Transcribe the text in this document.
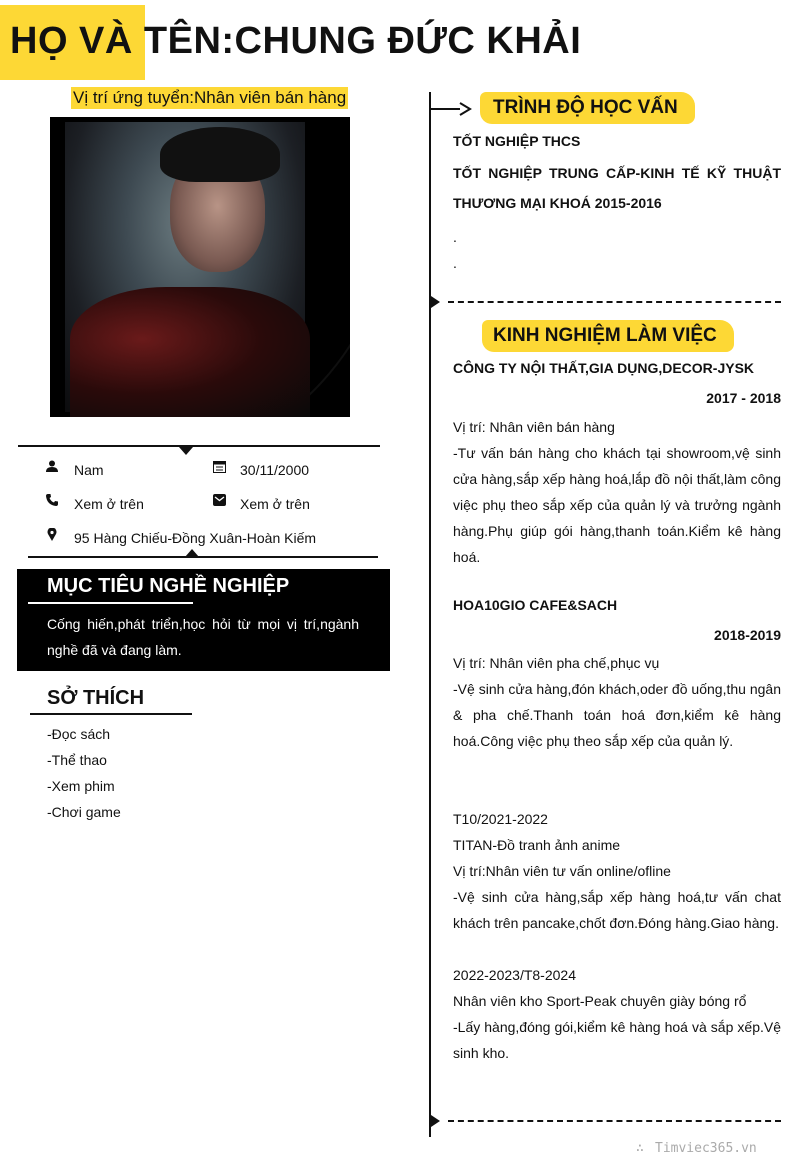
HỌ VÀ TÊN:CHUNG ĐỨC KHẢI
Vị trí ứng tuyển:Nhân viên bán hàng
Nam	30/11/2000
Xem ở trên	Xem ở trên
95 Hàng Chiếu-Đồng Xuân-Hoàn Kiếm
MỤC TIÊU NGHỀ NGHIỆP
Cống hiến,phát triển,học hỏi từ mọi vị trí,ngành nghề đã và đang làm.
SỞ THÍCH
-Đọc sách
-Thể thao
-Xem phim
-Chơi game
TRÌNH ĐỘ HỌC VẤN
TỐT NGHIỆP THCS
TỐT NGHIỆP TRUNG CẤP-KINH TẾ KỸ THUẬT THƯƠNG MẠI KHOÁ 2015-2016
.
.
KINH NGHIỆM LÀM VIỆC
CÔNG TY NỘI THẤT,GIA DỤNG,DECOR-JYSK
2017 - 2018
Vị trí: Nhân viên bán hàng
-Tư vấn bán hàng cho khách tại showroom,vệ sinh cửa hàng,sắp xếp hàng hoá,lắp đồ nội thất,làm công việc phụ theo sắp xếp của quản lý và trưởng ngành hàng.Phụ giúp gói hàng,thanh toán.Kiểm kê hàng hoá.
HOA10GIO CAFE&SACH
2018-2019
Vị trí: Nhân viên pha chế,phục vụ
-Vệ sinh cửa hàng,đón khách,oder đồ uống,thu ngân & pha chế.Thanh toán hoá đơn,kiểm kê hàng hoá.Công việc phụ theo sắp xếp của quản lý.
T10/2021-2022
TITAN-Đồ tranh ảnh anime
Vị trí:Nhân viên tư vấn online/ofline
-Vệ sinh cửa hàng,sắp xếp hàng hoá,tư vấn chat khách trên pancake,chốt đơn.Đóng hàng.Giao hàng.
2022-2023/T8-2024
Nhân viên kho Sport-Peak chuyên giày bóng rổ
-Lấy hàng,đóng gói,kiểm kê hàng hoá và sắp xếp.Vệ sinh kho.
∴ Timviec365.vn
